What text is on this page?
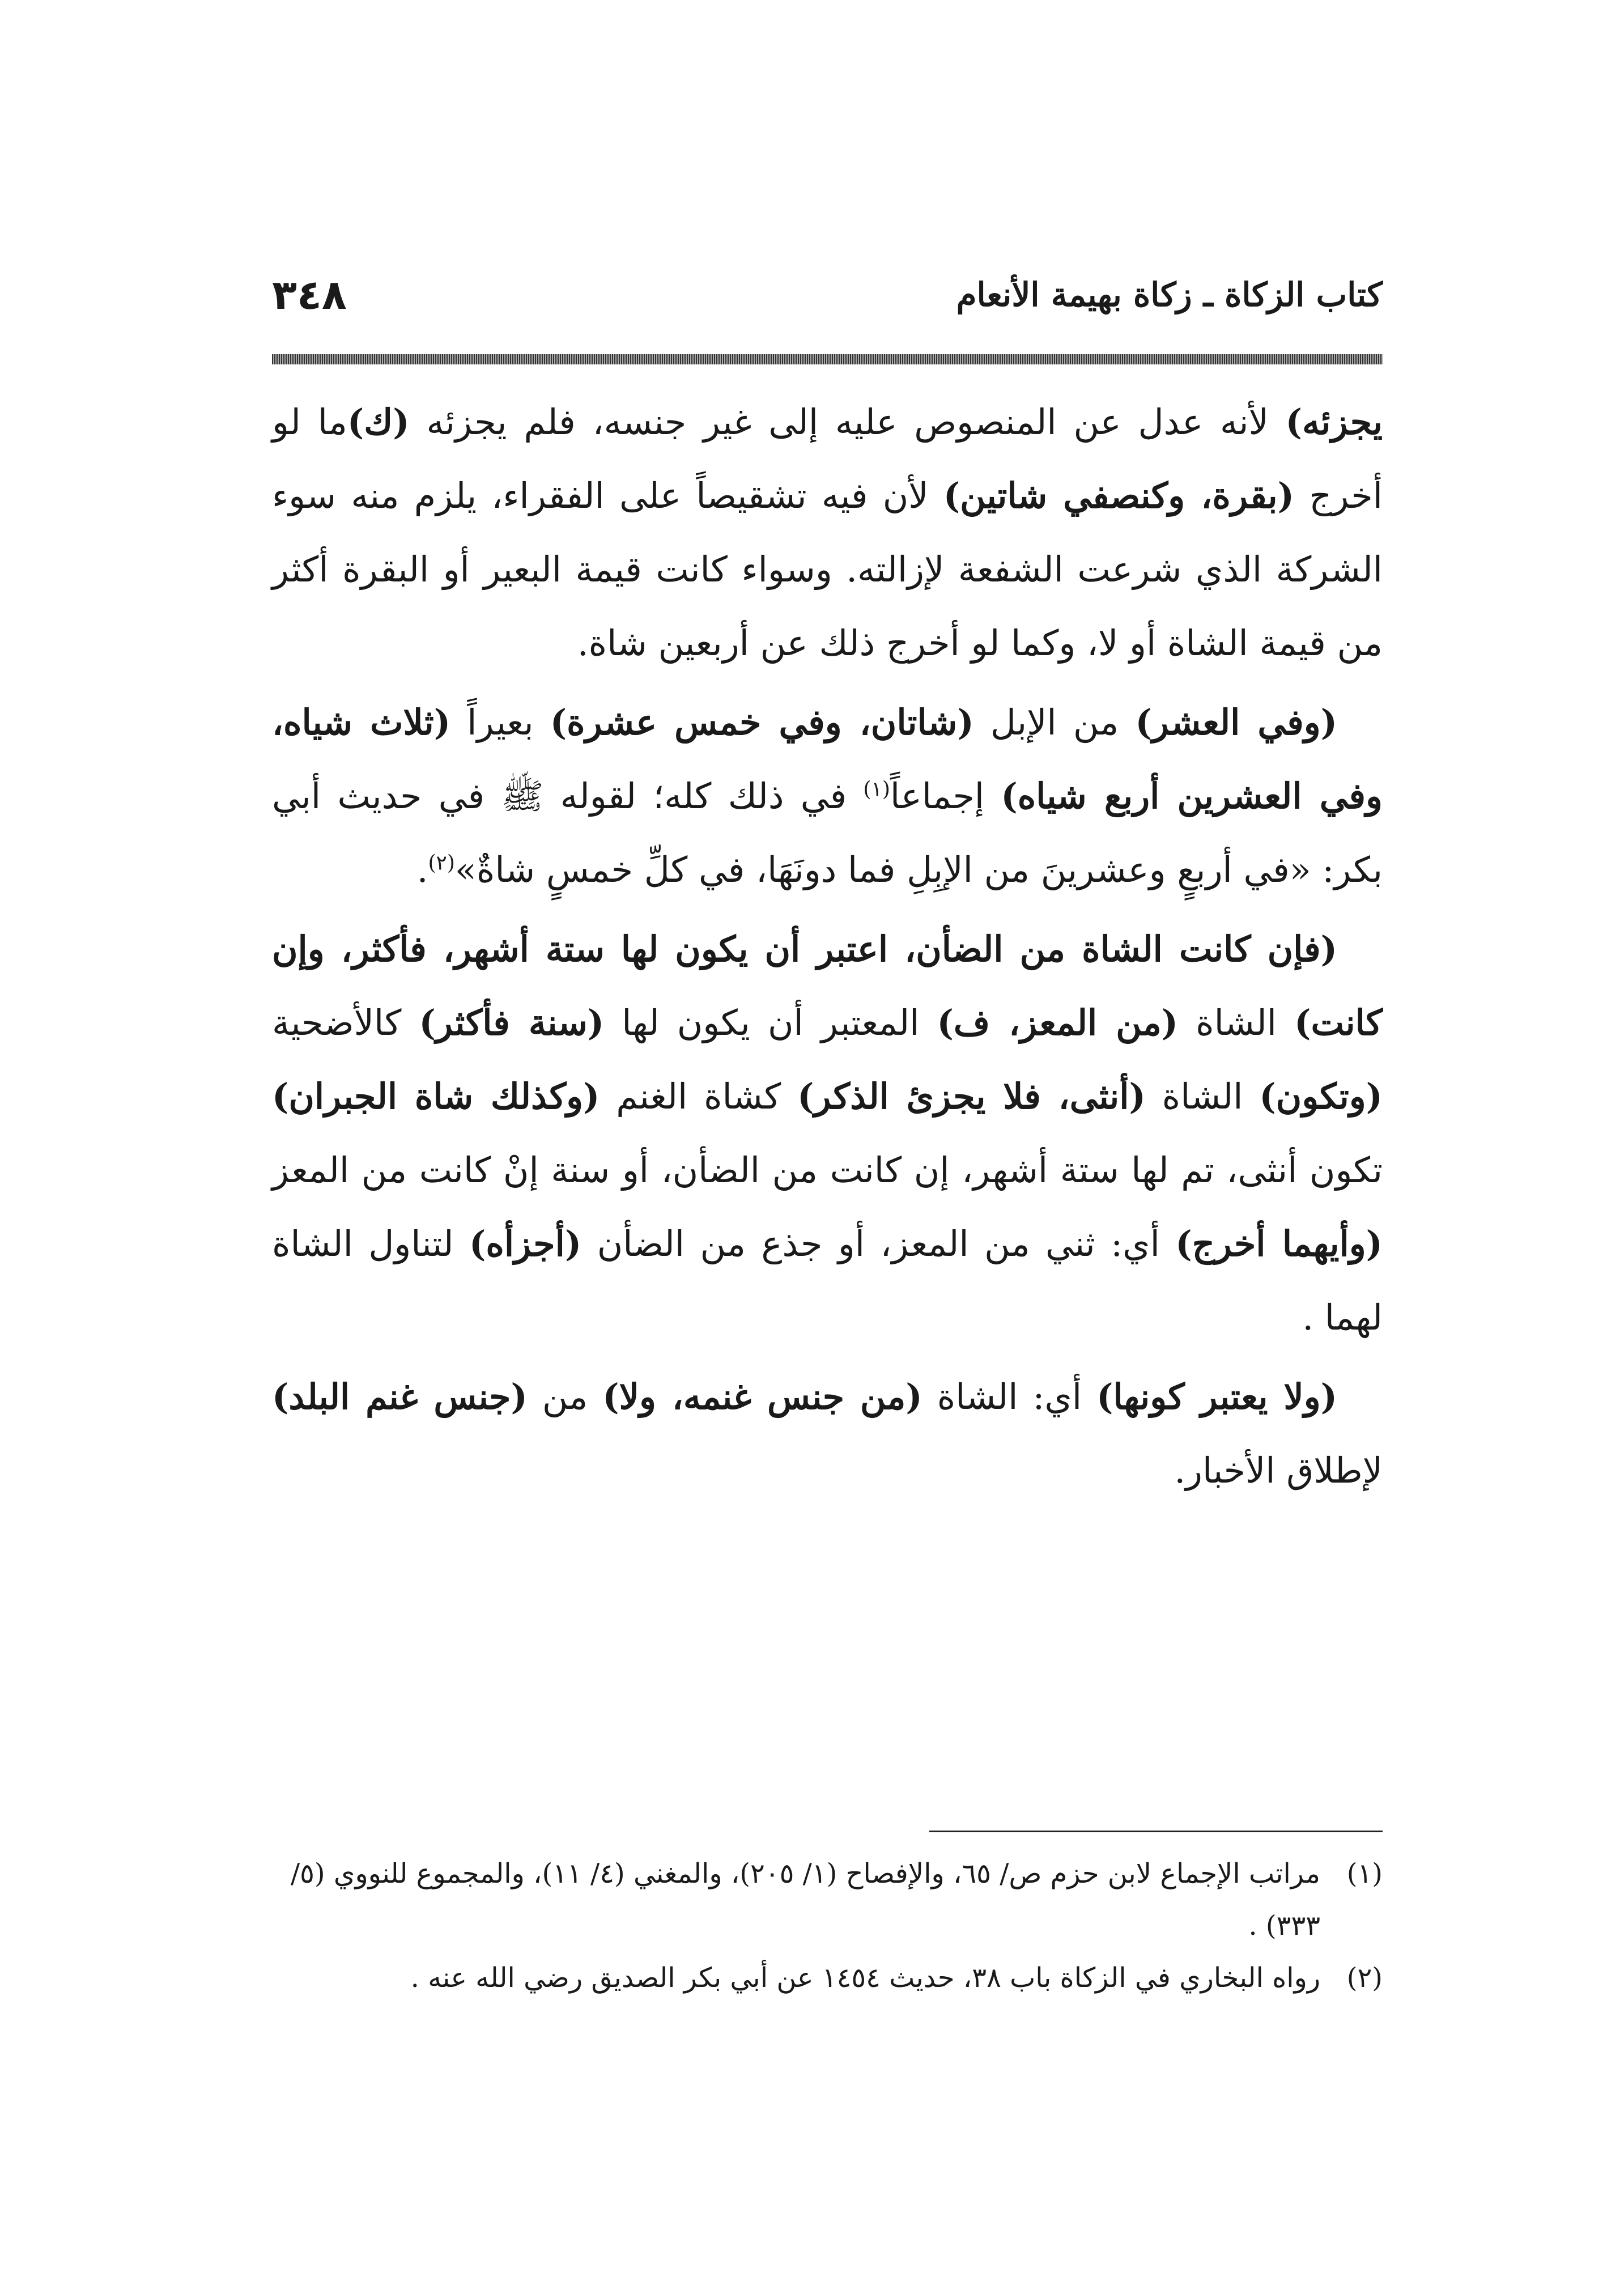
٣٤٨	كتاب الزكاة ـ زكاة بهيمة الأنعام

يجزئه) لأنه عدل عن المنصوص عليه إلى غير جنسه، فلم يجزئه (ك)ما لو أخرج (بقرة، وكنصفي شاتين) لأن فيه تشقيصاً على الفقراء، يلزم منه سوء الشركة الذي شرعت الشفعة لإزالته. وسواء كانت قيمة البعير أو البقرة أكثر من قيمة الشاة أو لا، وكما لو أخرج ذلك عن أربعين شاة.

(وفي العشر) من الإبل (شاتان، وفي خمس عشرة) بعيراً (ثلاث شياه، وفي العشرين أربع شياه) إجماعاً$^{(١)}$ في ذلك كله؛ لقوله ﷺ في حديث أبي بكر: «في أربعٍ وعشرينَ من الإبِلِ فما دونَهَا، في كلِّ خمسٍ شاةٌ»$^{(٢)}$.

(فإن كانت الشاة من الضأن، اعتبر أن يكون لها ستة أشهر، فأكثر، وإن كانت) الشاة (من المعز، ف) المعتبر أن يكون لها (سنة فأكثر) كالأضحية (وتكون) الشاة (أنثى، فلا يجزئ الذكر) كشاة الغنم (وكذلك شاة الجبران) تكون أنثى، تم لها ستة أشهر، إن كانت من الضأن، أو سنة إنْ كانت من المعز (وأيهما أخرج) أي: ثني من المعز، أو جذع من الضأن (أجزأه) لتناول الشاة لهما .

(ولا يعتبر كونها) أي: الشاة (من جنس غنمه، ولا) من (جنس غنم البلد) لإطلاق الأخبار.

(١)
مراتب الإجماع لابن حزم ص/ ٦٥، والإفصاح (١/ ٢٠٥)، والمغني (٤/ ١١)، والمجموع للنووي (٥/ ٣٣٣) .

(٢)
رواه البخاري في الزكاة باب ٣٨، حديث ١٤٥٤ عن أبي بكر الصديق رضي الله عنه .
